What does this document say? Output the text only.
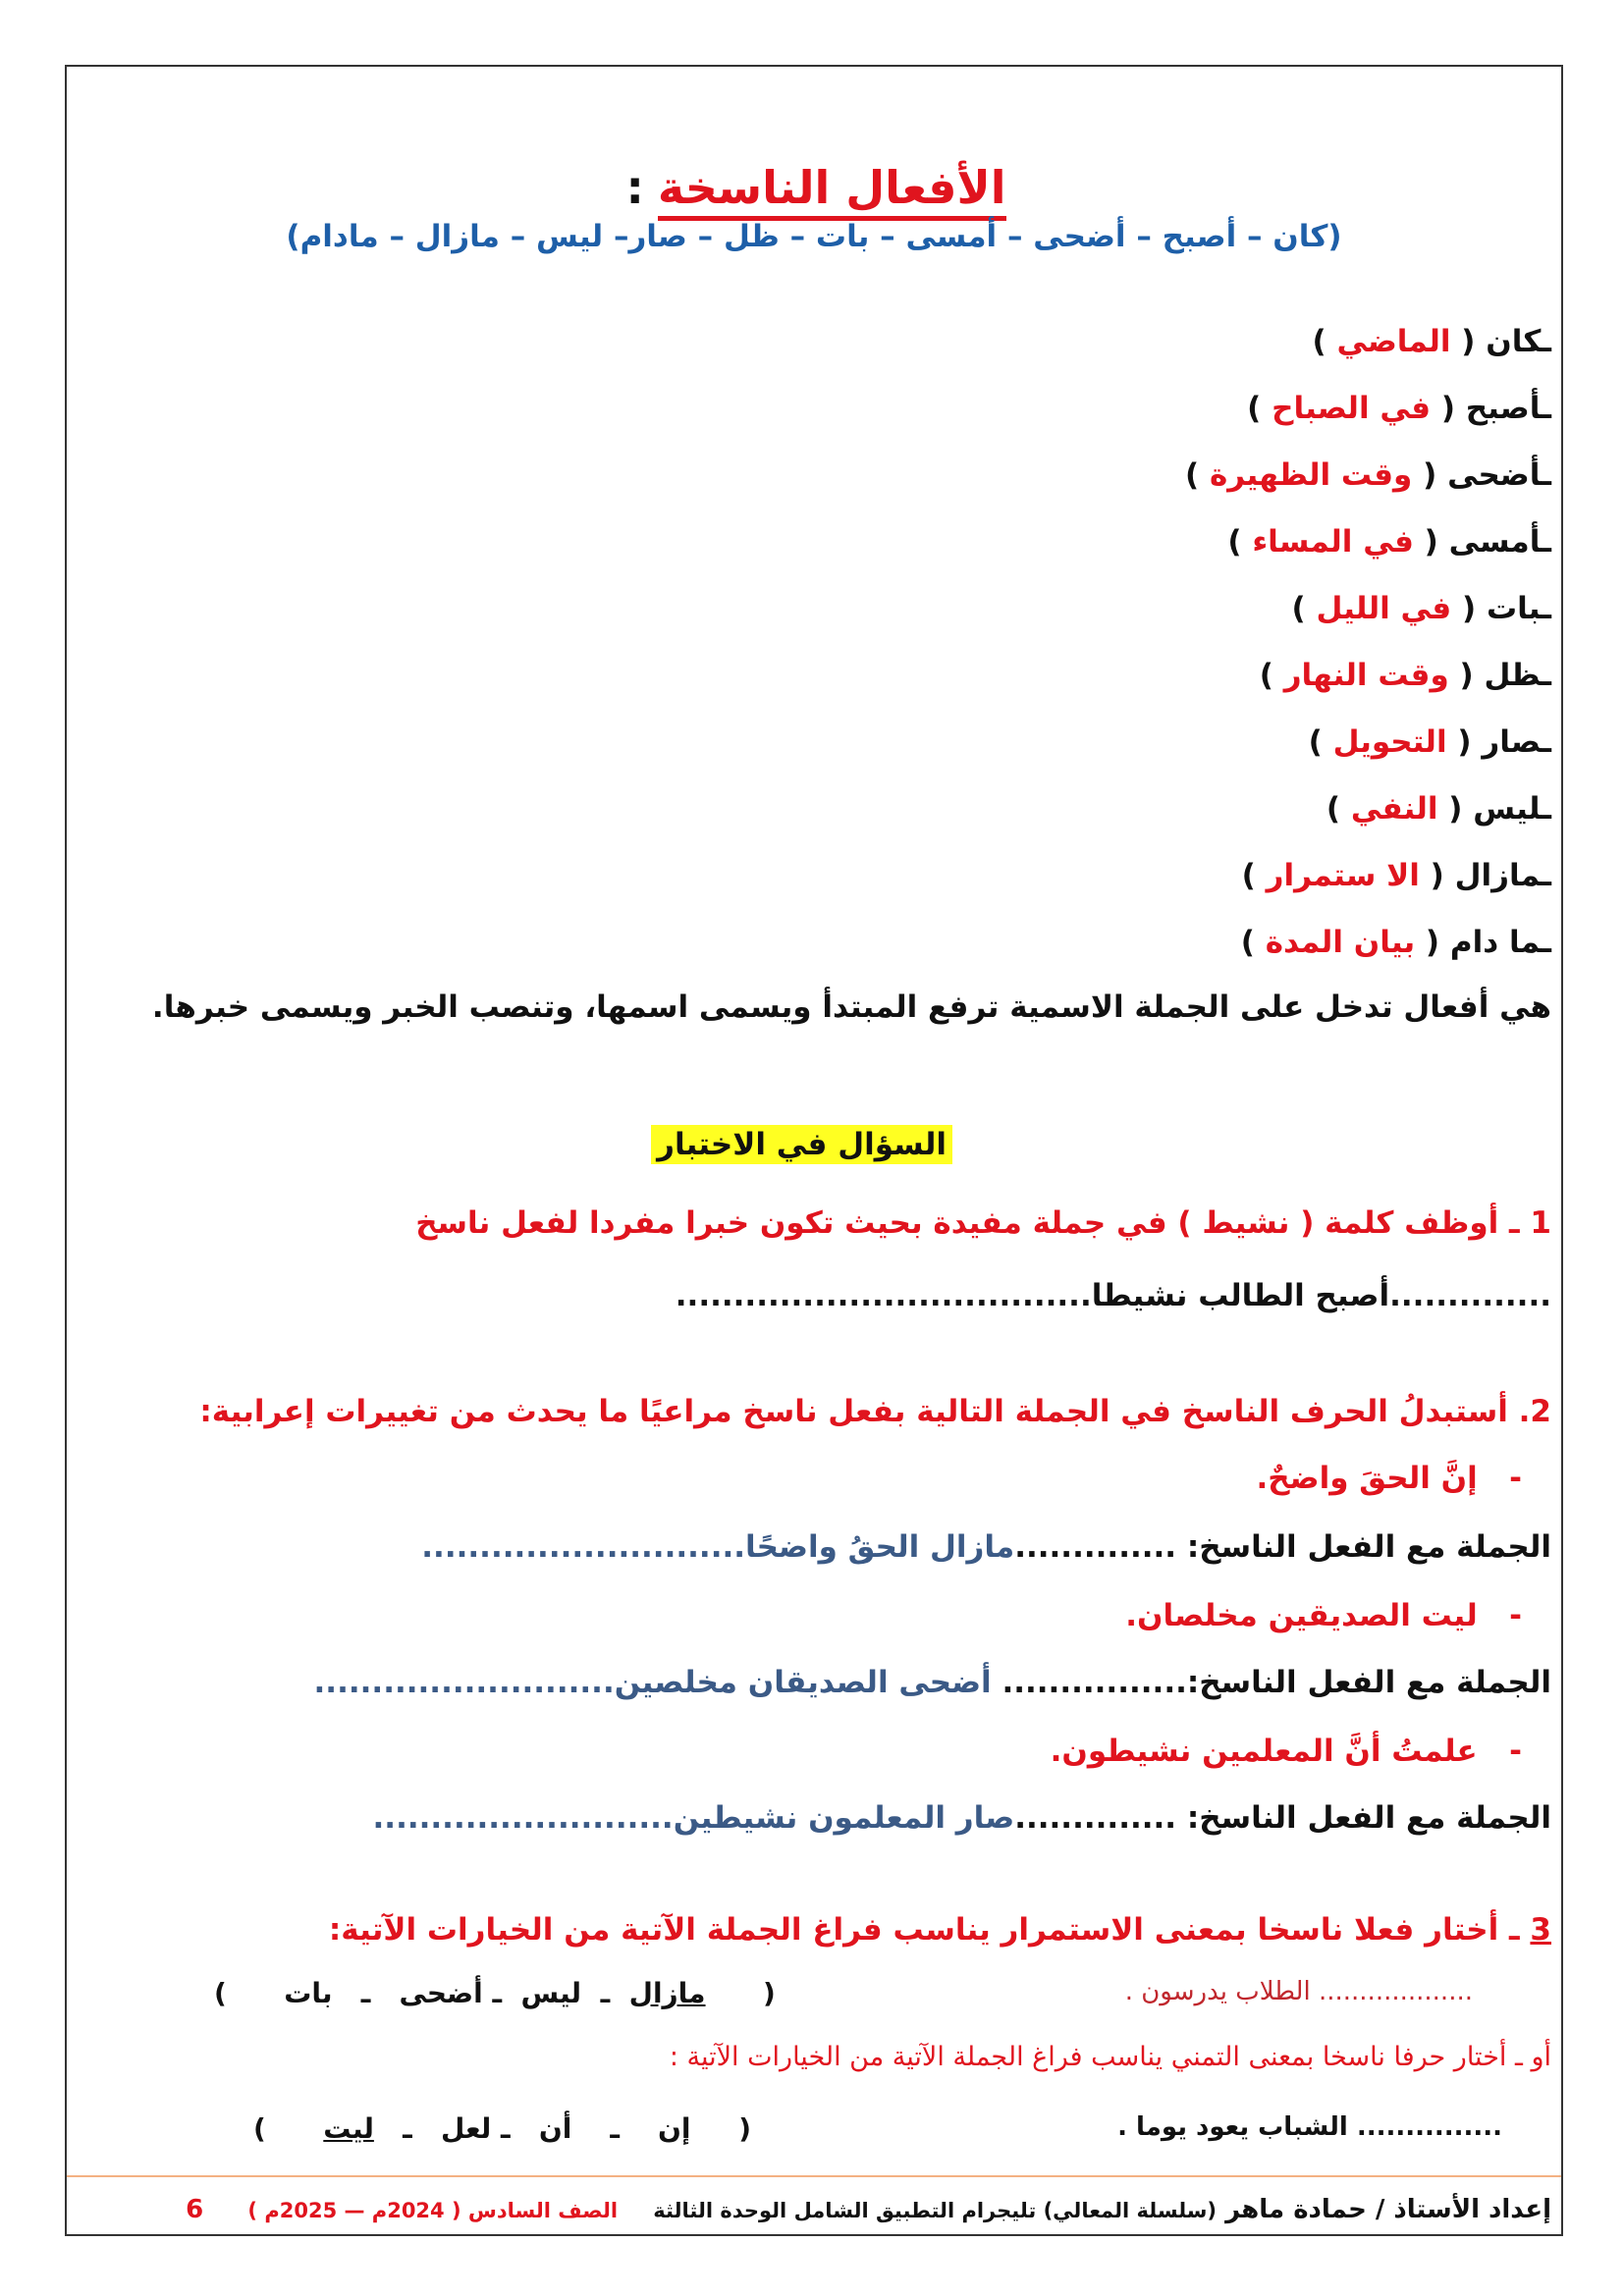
الأفعال الناسخة:
(كان – أصبح – أضحى – أمسى – بات – ظل – صار– ليس – مازال – مادام)
ـكان ( الماضي )
ـأصبح ( في الصباح )
ـأضحى ( وقت الظهيرة )
ـأمسى ( في المساء )
ـبات ( في الليل )
ـظل ( وقت النهار )
ـصار ( التحويل )
ـليس ( النفي )
ـمازال ( الا ستمرار )
ـما دام ( بيان المدة )
هي أفعال تدخل على الجملة الاسمية ترفع المبتدأ ويسمى اسمها، وتنصب الخبر ويسمى خبرها.
السؤال في الاختبار
1 ـ أوظف كلمة ( نشيط ) في جملة مفيدة بحيث تكون خبرا مفردا لفعل ناسخ
..............أصبح الطالب نشيطا....................................
2. أستبدلُ الحرف الناسخ في الجملة التالية بفعل ناسخ مراعيًا ما يحدث من تغييرات إعرابية:
-   إنَّ الحقَ واضحٌ.
الجملة مع الفعل الناسخ: ..............مازال الحقُ واضحًا............................
-   ليت الصديقين مخلصان.
الجملة مع الفعل الناسخ:................ أضحى الصديقان مخلصين..........................
-   علمتُ أنَّ المعلمين نشيطون.
الجملة مع الفعل الناسخ: ..............صار المعلمون نشيطين..........................
3 ـ أختار فعلا ناسخا بمعنى الاستمرار يناسب فراغ الجملة الآتية من الخيارات الآتية:
................... الطلاب يدرسون .
(      مازال  ـ  ليس  ـ أضحى   ـ   بات      )
أو ـ أختار حرفا ناسخا بمعنى التمني يناسب فراغ الجملة الآتية من الخيارات الآتية :
............... الشباب يعود يوما .
(     إن    ـ    أن   ـ لعل   ـ   ليت      )
إعداد الأستاذ / حمادة ماهر (سلسلة المعالي) تليجرام التطبيق الشامل الوحدة الثالثة    الصف السادس ( 2024م — 2025م )     6
